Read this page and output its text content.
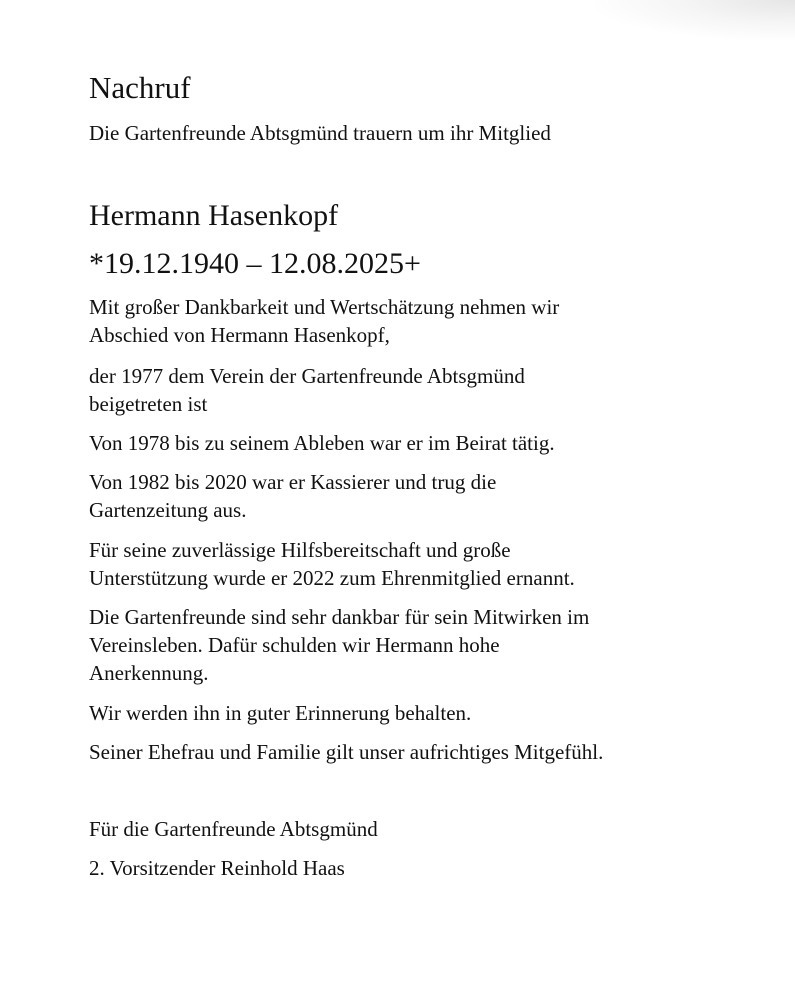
Nachruf
Die Gartenfreunde Abtsgmünd trauern um ihr Mitglied
Hermann Hasenkopf
*19.12.1940 – 12.08.2025+
Mit großer Dankbarkeit und Wertschätzung nehmen wir
Abschied von Hermann Hasenkopf,
der 1977 dem Verein der Gartenfreunde Abtsgmünd
beigetreten ist
Von 1978 bis zu seinem Ableben war er im Beirat tätig.
Von 1982 bis 2020 war er Kassierer und trug die
Gartenzeitung aus.
Für seine zuverlässige Hilfsbereitschaft und große
Unterstützung wurde er 2022 zum Ehrenmitglied ernannt.
Die Gartenfreunde sind sehr dankbar für sein Mitwirken im
Vereinsleben. Dafür schulden wir Hermann hohe
Anerkennung.
Wir werden ihn in guter Erinnerung behalten.
Seiner Ehefrau und Familie gilt unser aufrichtiges Mitgefühl.
Für die Gartenfreunde Abtsgmünd
2. Vorsitzender Reinhold Haas
